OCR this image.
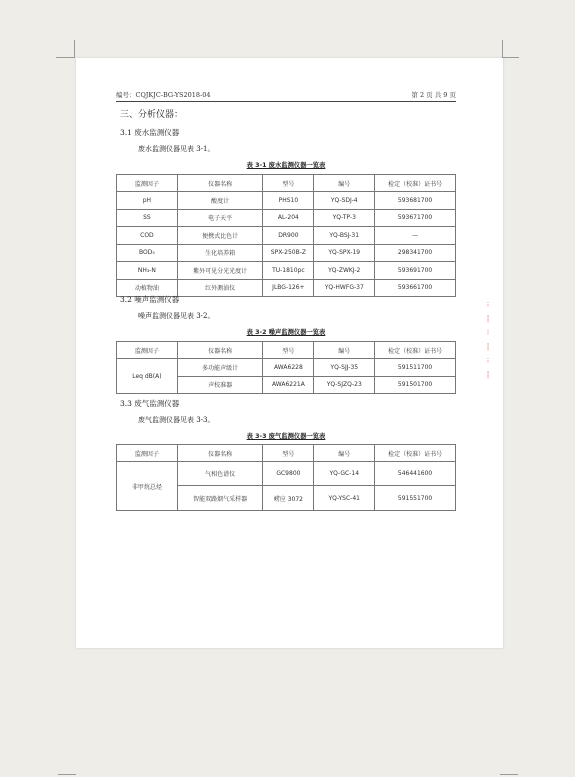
编号：CQJKJC-BG-YS2018-04	第 2 页 共 9 页
三、分析仪器：
3.1 废水监测仪器
废水监测仪器见表 3-1。
表 3-1 废水监测仪器一览表
监测因子	仪器名称	型号	编号	检定（校准）证书号
pH	酸度计	PHS10	YQ-SDJ-4	593681700
SS	电子天平	AL-204	YQ-TP-3	593671700
COD	便携式比色计	DR900	YQ-BSJ-31	—
BOD₅	生化培养箱	SPX-250B-Z	YQ-SPX-19	298341700
NH₃-N	紫外可见分光光度计	TU-1810pc	YQ-ZWKJ-2	593691700
动植物油	红外测油仪	JLBG-126+	YQ-HWFG-37	593661700
3.2 噪声监测仪器
噪声监测仪器见表 3-2。
表 3-2 噪声监测仪器一览表
监测因子	仪器名称	型号	编号	检定（校准）证书号
Leq dB(A)	多功能声级计	AWA6228	YQ-SJJ-35	591511700
	声校准器	AWA6221A	YQ-SJZQ-23	591501700
3.3 废气监测仪器
废气监测仪器见表 3-3。
表 3-3 废气监测仪器一览表
监测因子	仪器名称	型号	编号	检定（校准）证书号
非甲烷总烃	气相色谱仪	GC9800	YQ-GC-14	546441600
	智能双路烟气采样器	崂应 3072	YQ-YSC-41	591551700
⁝
⸽
⁝
⸽
⁝
⸽
